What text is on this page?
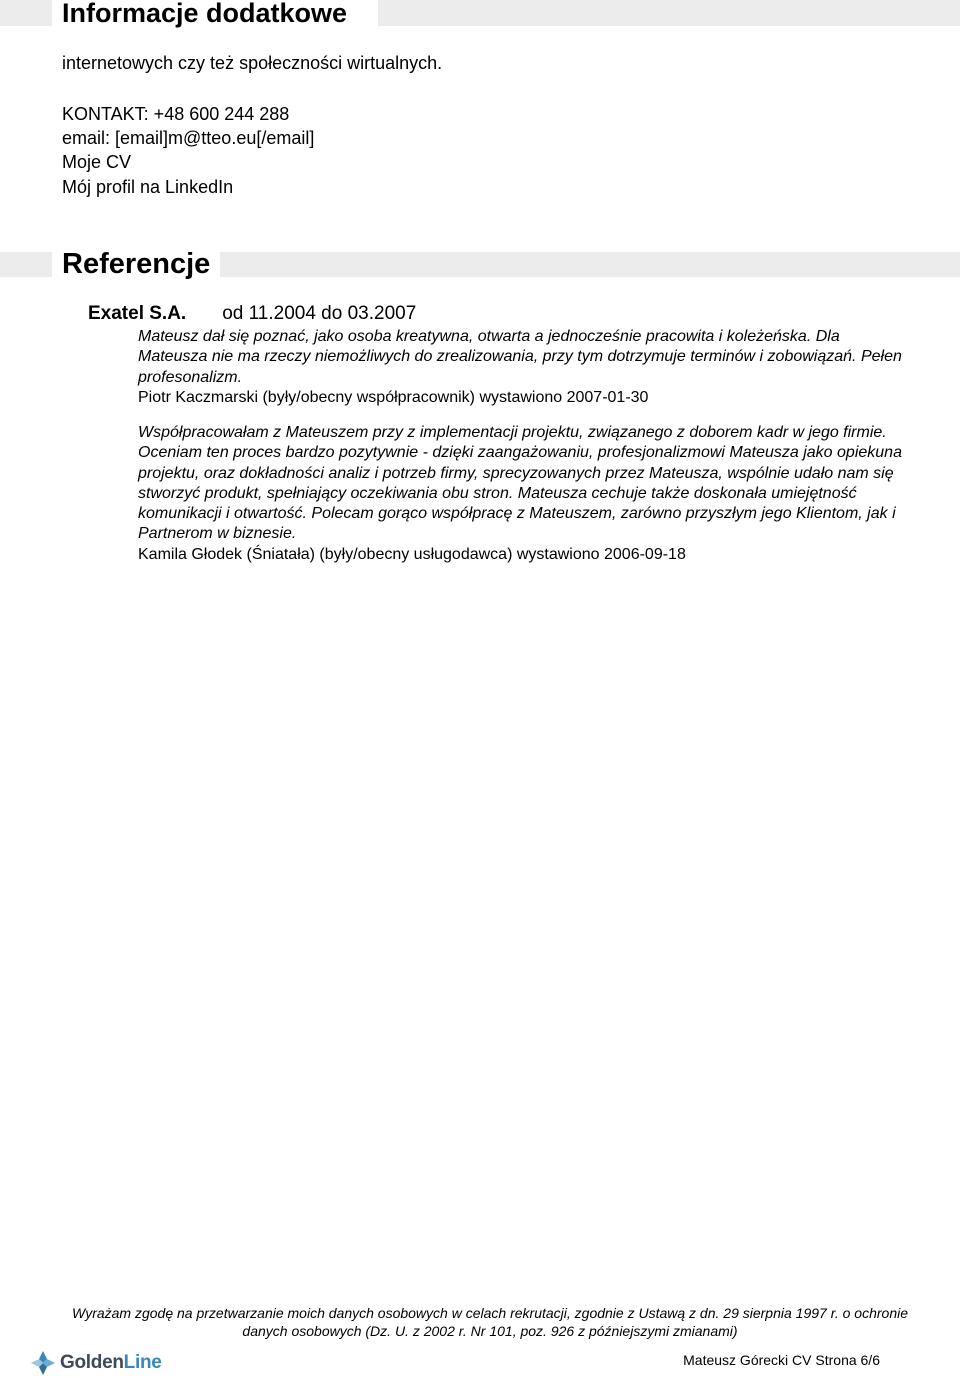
Informacje dodatkowe
internetowych czy też społeczności wirtualnych.
KONTAKT: +48 600 244 288
email: [email]m@tteo.eu[/email]
Moje CV
Mój profil na LinkedIn
Referencje
Exatel S.A. od 11.2004 do 03.2007

Mateusz dał się poznać, jako osoba kreatywna, otwarta a jednocześnie pracowita i koleżeńska. Dla Mateusza nie ma rzeczy niemożliwych do zrealizowania, przy tym dotrzymuje terminów i zobowiązań. Pełen profesonalizm.

Piotr Kaczmarski (były/obecny współpracownik) wystawiono 2007-01-30

Współpracowałam z Mateuszem przy z implementacji projektu, związanego z doborem kadr w jego firmie. Oceniam ten proces bardzo pozytywnie - dzięki zaangażowaniu, profesjonalizmowi Mateusza jako opiekuna projektu, oraz dokładności analiz i potrzeb firmy, sprecyzowanych przez Mateusza, wspólnie udało nam się stworzyć produkt, spełniający oczekiwania obu stron. Mateusza cechuje także doskonała umiejętność komunikacji i otwartość. Polecam gorąco współpracę z Mateuszem, zarówno przyszłym jego Klientom, jak i Partnerom w biznesie.

Kamila Głodek (Śniatała) (były/obecny usługodawca) wystawiono 2006-09-18

Wyrażam zgodę na przetwarzanie moich danych osobowych w celach rekrutacji, zgodnie z Ustawą z dn. 29 sierpnia 1997 r. o ochronie danych osobowych (Dz. U. z 2002 r. Nr 101, poz. 926 z późniejszymi zmianami)
GoldenLine	Mateusz Górecki CV Strona 6/6
